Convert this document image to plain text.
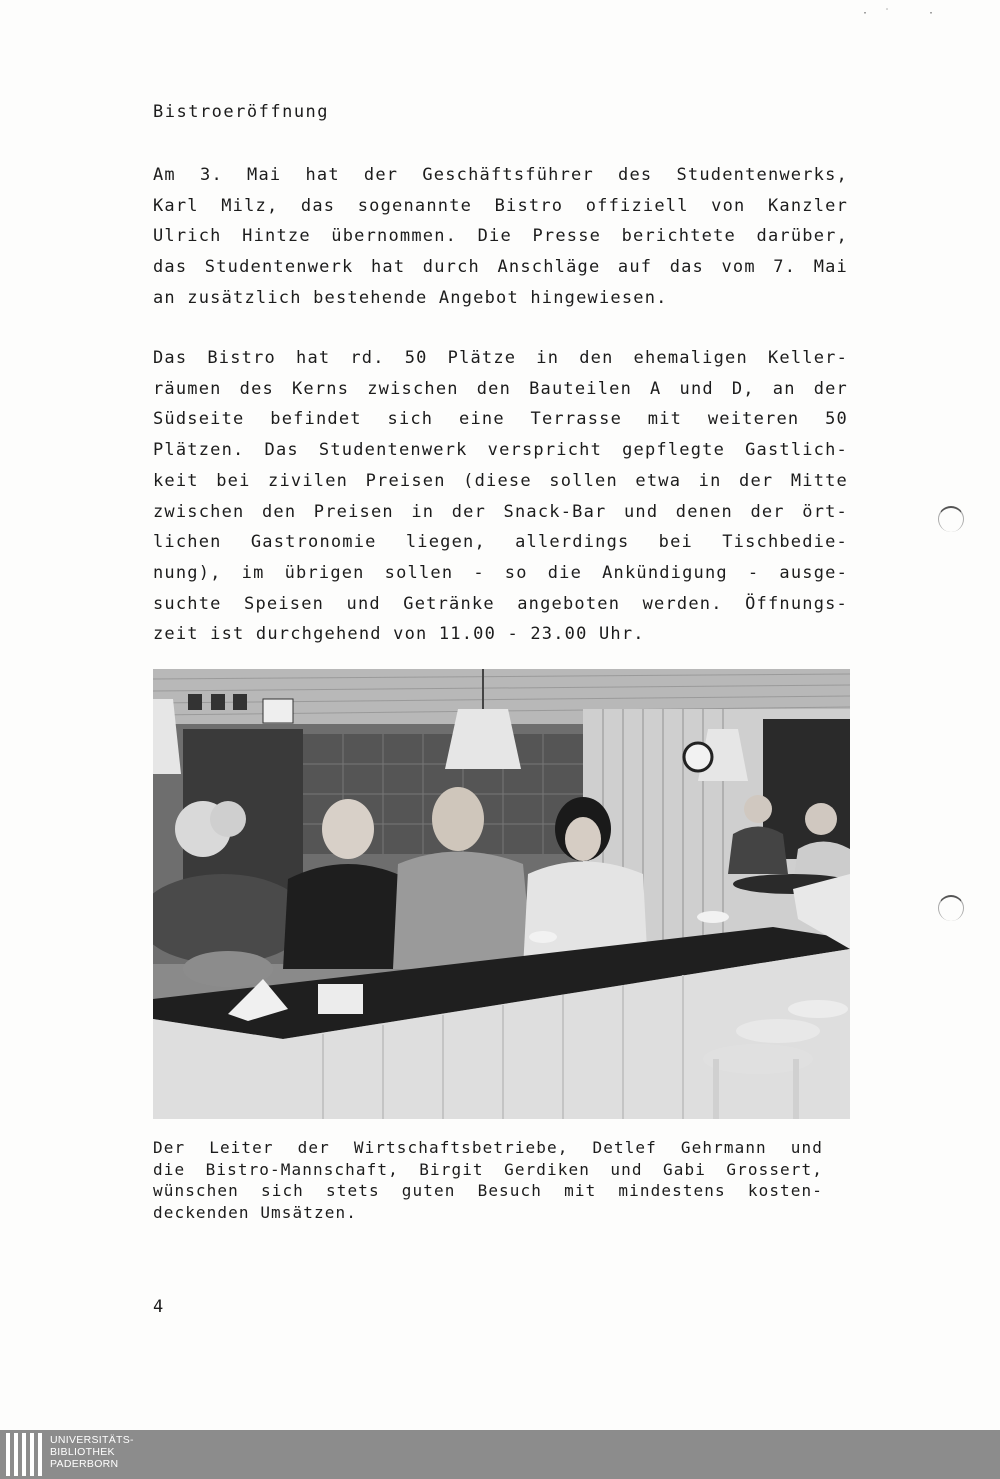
·˙ ·
Bistroeröffnung
Am 3. Mai hat der Geschäftsführer des Studentenwerks,
Karl Milz, das sogenannte Bistro offiziell von Kanzler
Ulrich Hintze übernommen. Die Presse berichtete darüber,
das Studentenwerk hat durch Anschläge auf das vom 7. Mai
an zusätzlich bestehende Angebot hingewiesen.
Das Bistro hat rd. 50 Plätze in den ehemaligen Keller-
räumen des Kerns zwischen den Bauteilen A und D, an der
Südseite befindet sich eine Terrasse mit weiteren 50
Plätzen. Das Studentenwerk verspricht gepflegte Gastlich-
keit bei zivilen Preisen (diese sollen etwa in der Mitte
zwischen den Preisen in der Snack-Bar und denen der ört-
lichen Gastronomie liegen, allerdings bei Tischbedie-
nung), im übrigen sollen - so die Ankündigung - ausge-
suchte Speisen und Getränke angeboten werden. Öffnungs-
zeit ist durchgehend von 11.00 - 23.00 Uhr.
Der Leiter der Wirtschaftsbetriebe, Detlef Gehrmann und
die Bistro-Mannschaft, Birgit Gerdiken und Gabi Grossert,
wünschen sich stets guten Besuch mit mindestens kosten-
deckenden Umsätzen.
4
UNIVERSITÄTS-
BIBLIOTHEK
PADERBORN
